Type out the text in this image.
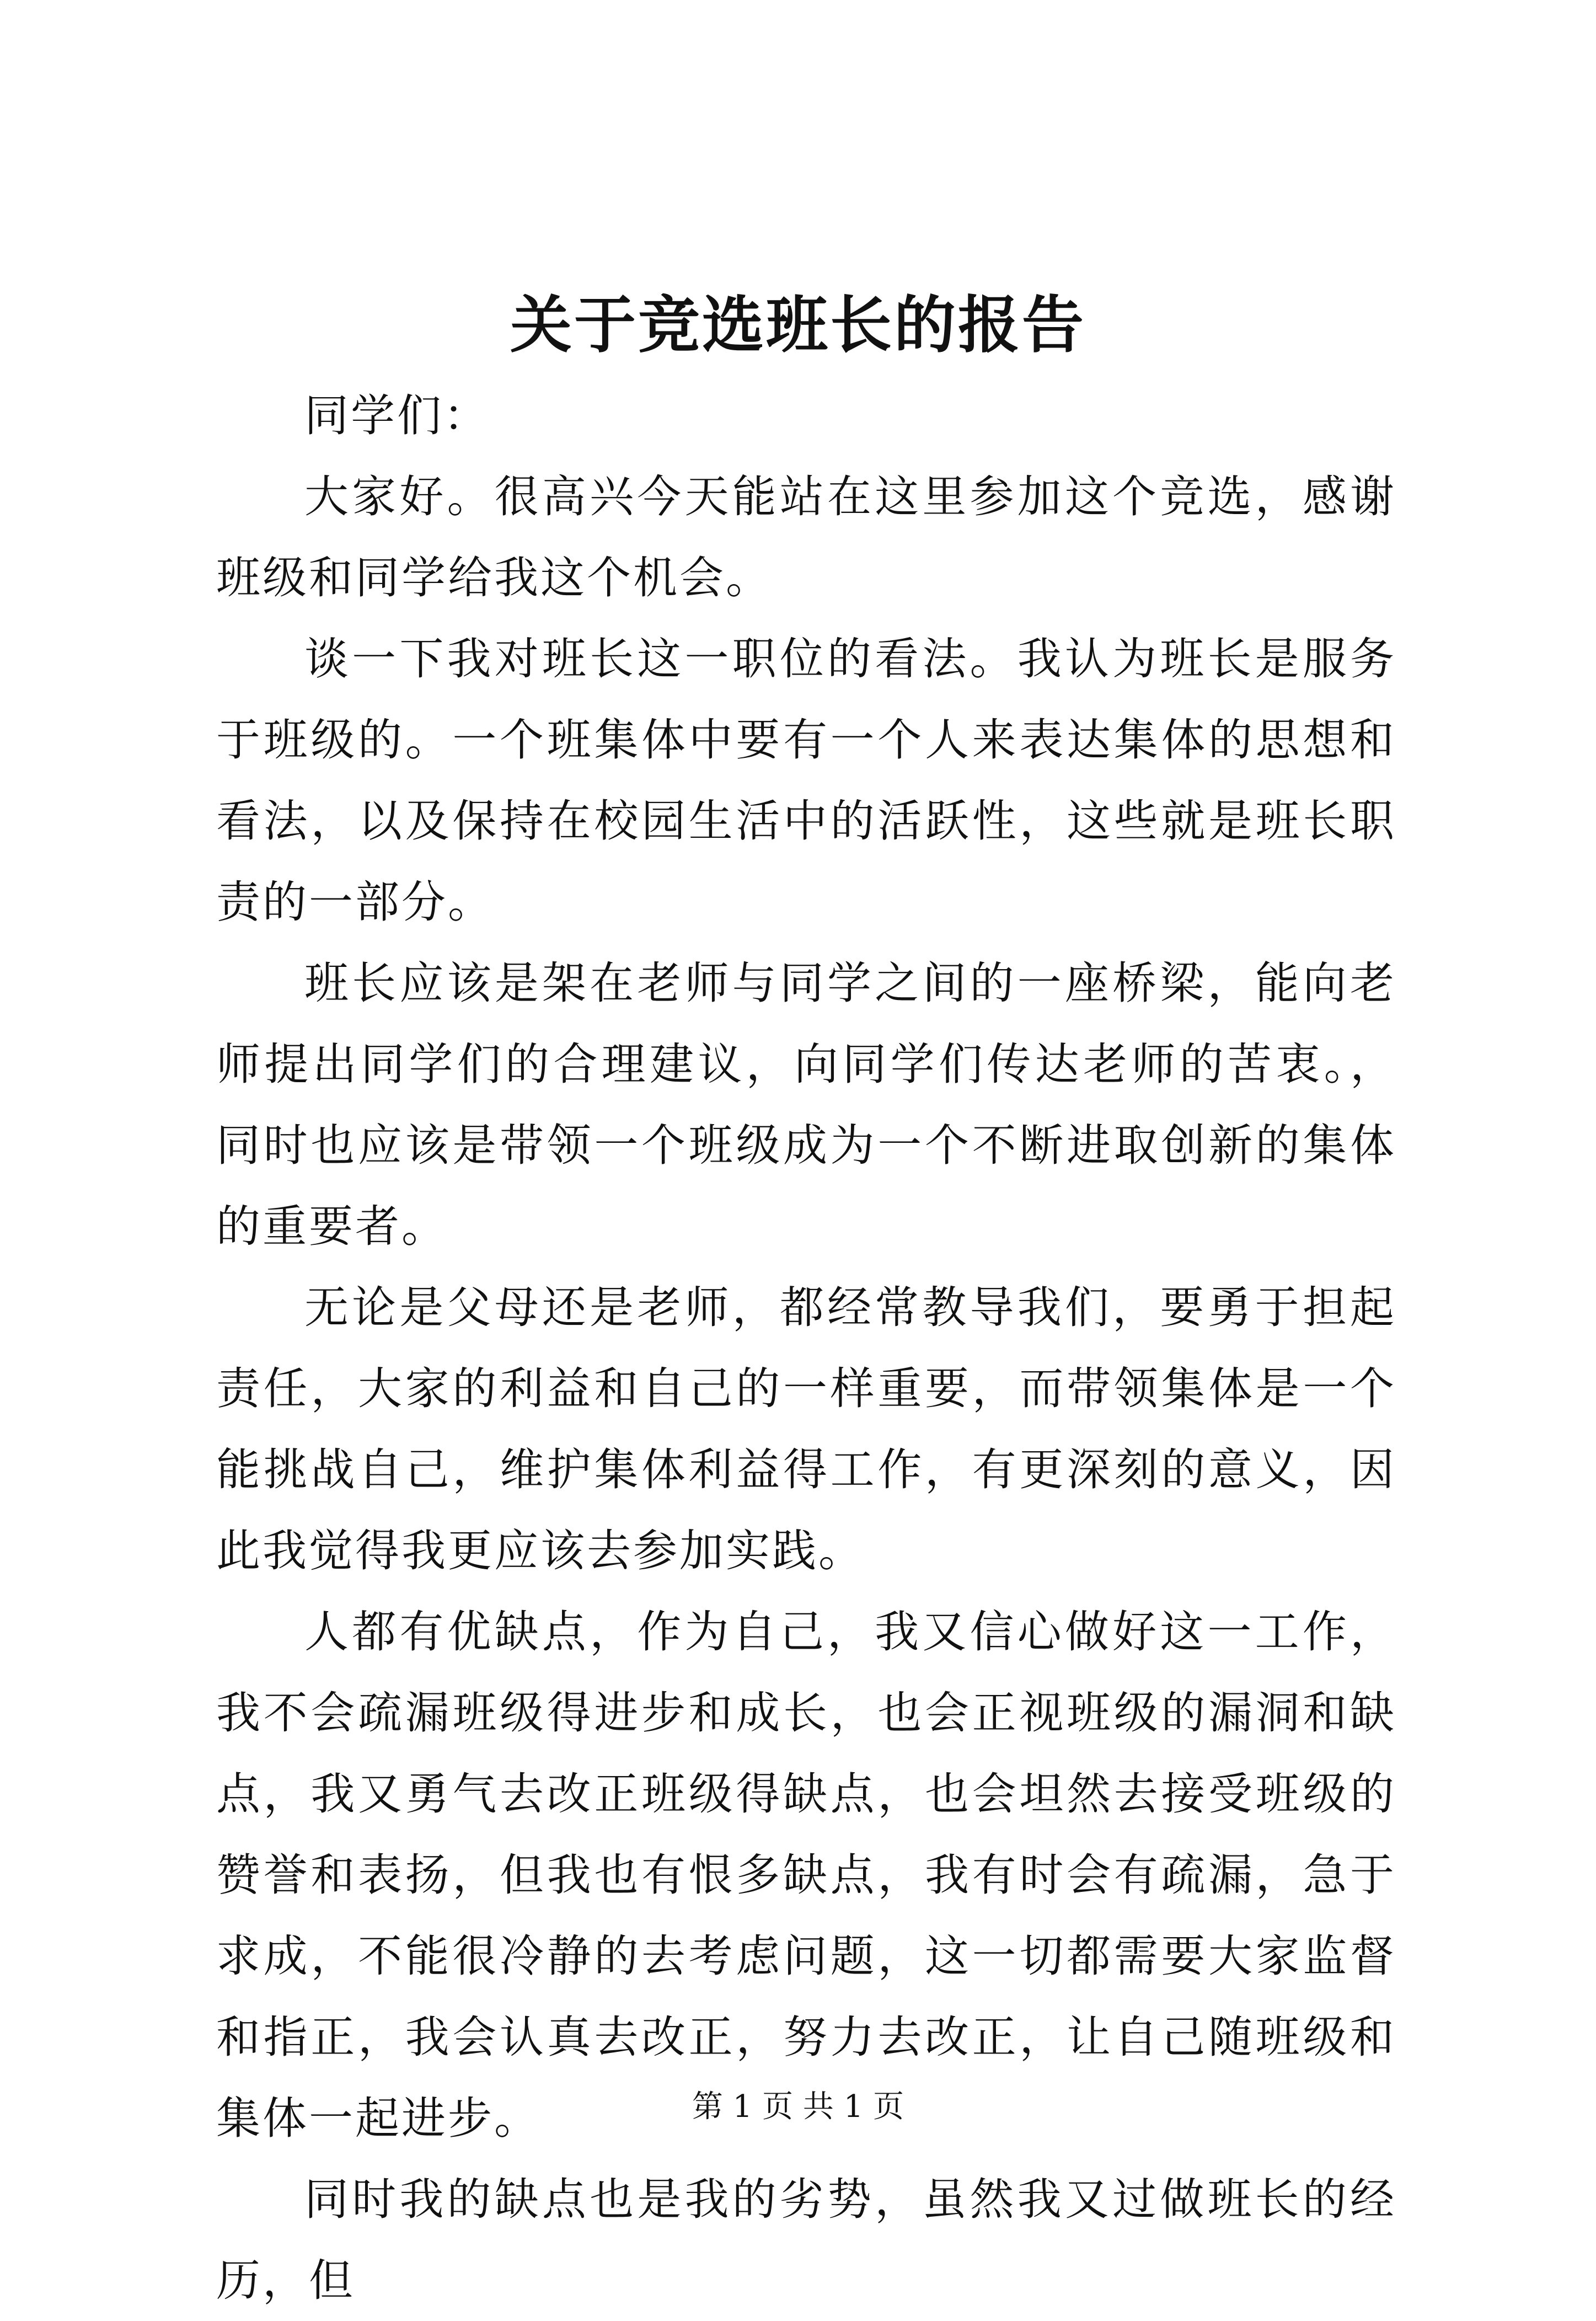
关于竞选班长的报告

同学们：

大家好。很高兴今天能站在这里参加这个竞选，感谢班级和同学给我这个机会。

谈一下我对班长这一职位的看法。我认为班长是服务于班级的。一个班集体中要有一个人来表达集体的思想和看法，以及保持在校园生活中的活跃性，这些就是班长职责的一部分。

班长应该是架在老师与同学之间的一座桥梁，能向老师提出同学们的合理建议，向同学们传达老师的苦衷。，同时也应该是带领一个班级成为一个不断进取创新的集体的重要者。

无论是父母还是老师，都经常教导我们，要勇于担起责任，大家的利益和自己的一样重要，而带领集体是一个能挑战自己，维护集体利益得工作，有更深刻的意义，因此我觉得我更应该去参加实践。

人都有优缺点，作为自己，我又信心做好这一工作，我不会疏漏班级得进步和成长，也会正视班级的漏洞和缺点，我又勇气去改正班级得缺点，也会坦然去接受班级的赞誉和表扬，但我也有恨多缺点，我有时会有疏漏，急于求成，不能很冷静的去考虑问题，这一切都需要大家监督和指正，我会认真去改正，努力去改正，让自己随班级和集体一起进步。

同时我的缺点也是我的劣势，虽然我又过做班长的经历，但

第 1 页 共 1 页
